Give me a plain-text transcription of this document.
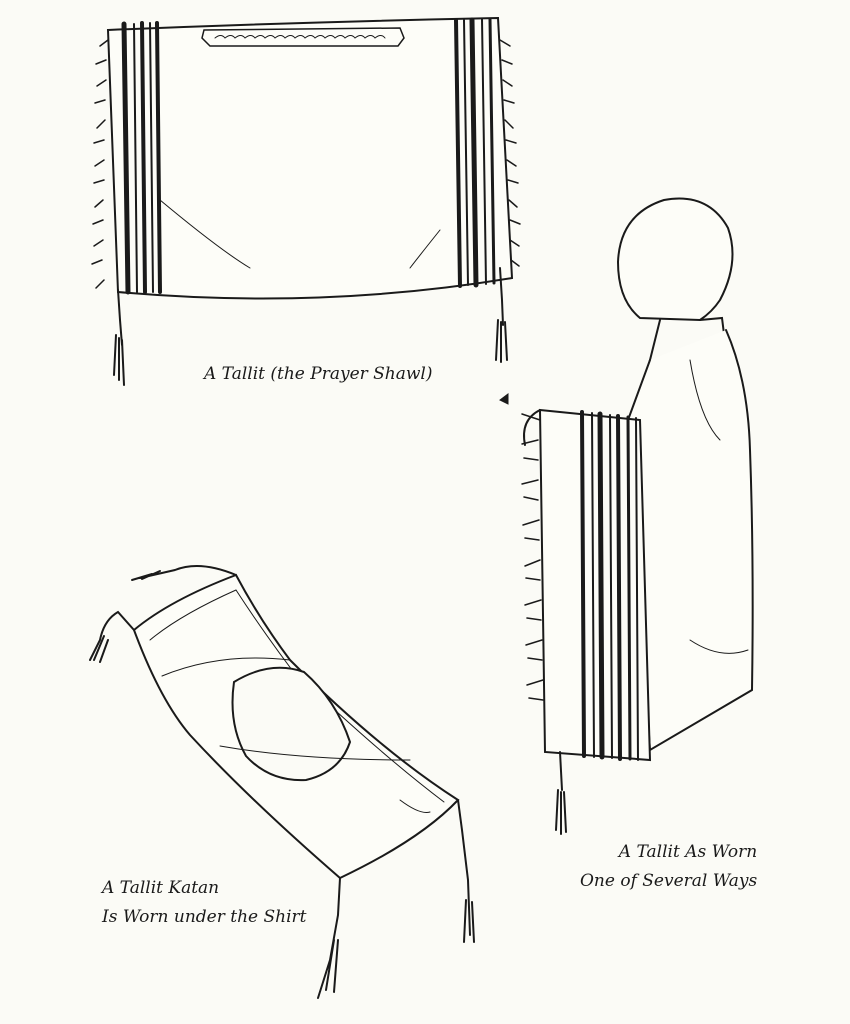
A Tallit (the Prayer Shawl)
A Tallit As Worn
One of Several Ways
A Tallit Katan
Is Worn under the Shirt
